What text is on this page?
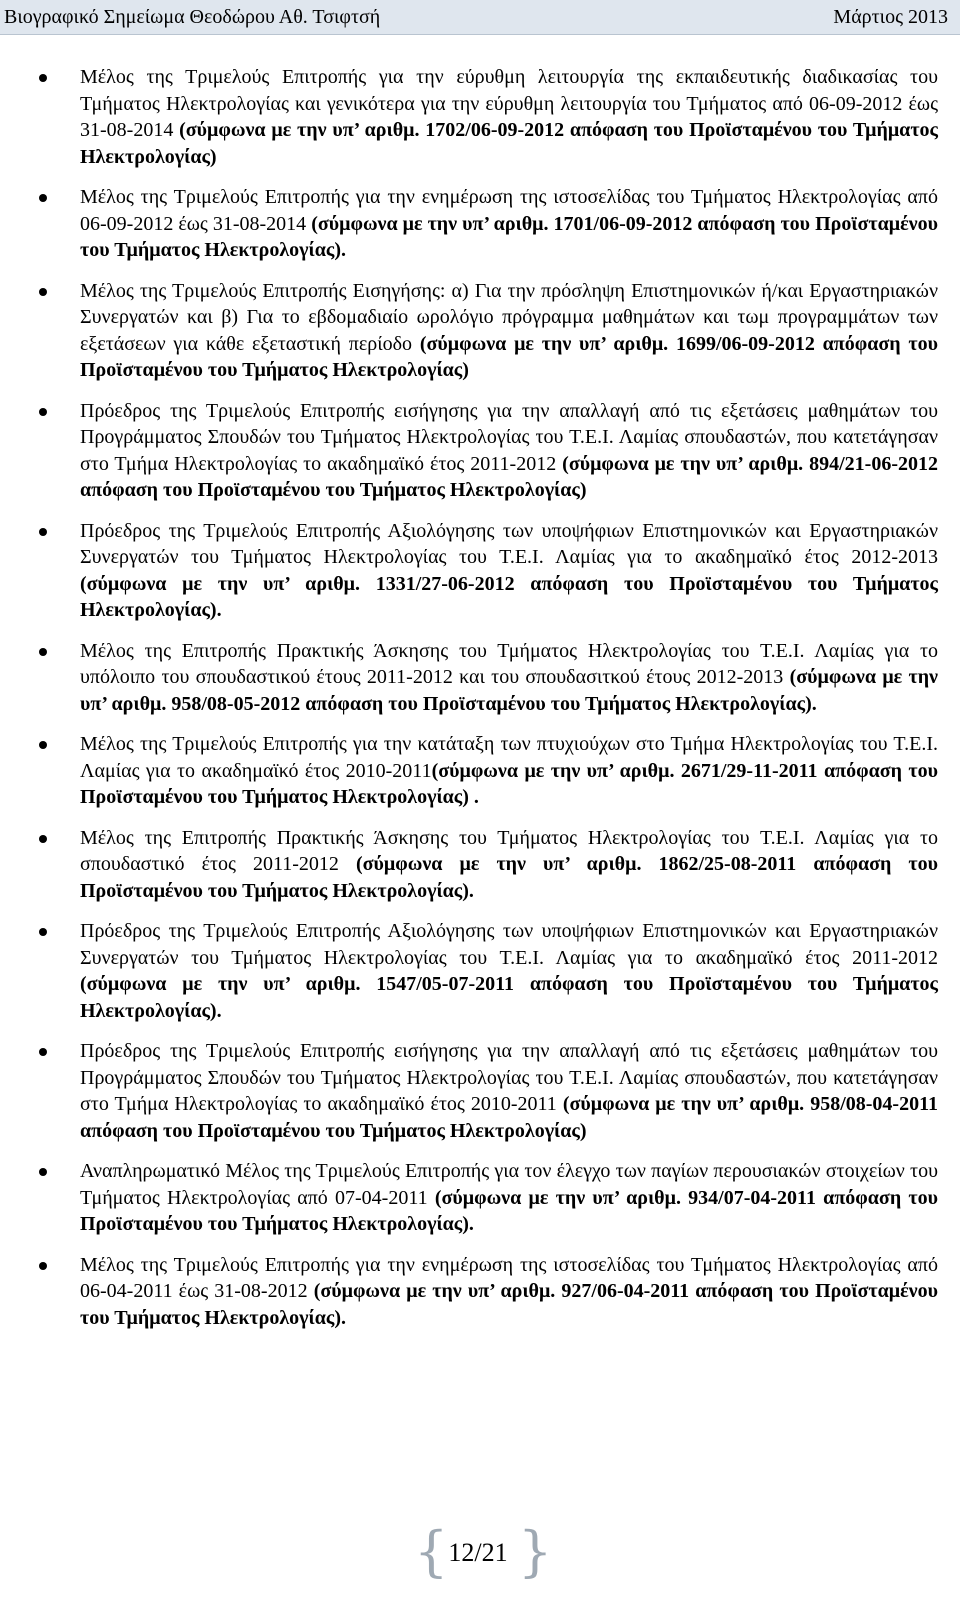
Βιογραφικό Σημείωμα Θεοδώρου Αθ. Τσιφτσή	Μάρτιος 2013
Μέλος της Τριμελούς Επιτροπής για την εύρυθμη λειτουργία της εκπαιδευτικής διαδικασίας του Τμήματος Ηλεκτρολογίας και γενικότερα για την εύρυθμη λειτουργία του Τμήματος από 06-09-2012 έως 31-08-2014 (σύμφωνα με την υπ’ αριθμ. 1702/06-09-2012 απόφαση του Προϊσταμένου του Τμήματος Ηλεκτρολογίας)
Μέλος της Τριμελούς Επιτροπής για την ενημέρωση της ιστοσελίδας του Τμήματος Ηλεκτρολογίας από 06-09-2012 έως 31-08-2014 (σύμφωνα με την υπ’ αριθμ. 1701/06-09-2012 απόφαση του Προϊσταμένου του Τμήματος Ηλεκτρολογίας).
Μέλος της Τριμελούς Επιτροπής Εισηγήσης: α) Για την πρόσληψη Επιστημονικών ή/και Εργαστηριακών Συνεργατών και β) Για το εβδομαδιαίο ωρολόγιο πρόγραμμα μαθημάτων και τωμ προγραμμάτων των εξετάσεων για κάθε εξεταστική περίοδο (σύμφωνα με την υπ’ αριθμ. 1699/06-09-2012 απόφαση του Προϊσταμένου του Τμήματος Ηλεκτρολογίας)
Πρόεδρος της Τριμελούς Επιτροπής εισήγησης για την απαλλαγή από τις εξετάσεις μαθημάτων του Προγράμματος Σπουδών του Τμήματος Ηλεκτρολογίας του Τ.Ε.Ι. Λαμίας σπουδαστών, που κατετάγησαν στο Τμήμα Ηλεκτρολογίας το ακαδημαϊκό έτος 2011-2012 (σύμφωνα με την υπ’ αριθμ. 894/21-06-2012 απόφαση του Προϊσταμένου του Τμήματος Ηλεκτρολογίας)
Πρόεδρος της Τριμελούς Επιτροπής Αξιολόγησης των υποψήφιων Επιστημονικών και Εργαστηριακών Συνεργατών του Τμήματος Ηλεκτρολογίας του Τ.Ε.Ι. Λαμίας για το ακαδημαϊκό έτος 2012-2013 (σύμφωνα με την υπ’ αριθμ. 1331/27-06-2012 απόφαση του Προϊσταμένου του Τμήματος Ηλεκτρολογίας).
Μέλος της Επιτροπής Πρακτικής Άσκησης του Τμήματος Ηλεκτρολογίας του Τ.Ε.Ι. Λαμίας για το υπόλοιπο του σπουδαστικού έτους 2011-2012 και του σπουδασιτκού έτους 2012-2013 (σύμφωνα με την υπ’ αριθμ. 958/08-05-2012 απόφαση του Προϊσταμένου του Τμήματος Ηλεκτρολογίας).
Μέλος της Τριμελούς Επιτροπής για την κατάταξη των πτυχιούχων στο Τμήμα Ηλεκτρολογίας του Τ.Ε.Ι. Λαμίας για το ακαδημαϊκό έτος 2010-2011(σύμφωνα με την υπ’ αριθμ. 2671/29-11-2011 απόφαση του Προϊσταμένου του Τμήματος Ηλεκτρολογίας) .
Μέλος της Επιτροπής Πρακτικής Άσκησης του Τμήματος Ηλεκτρολογίας του Τ.Ε.Ι. Λαμίας για το σπουδαστικό έτος 2011-2012 (σύμφωνα με την υπ’ αριθμ. 1862/25-08-2011 απόφαση του Προϊσταμένου του Τμήματος Ηλεκτρολογίας).
Πρόεδρος της Τριμελούς Επιτροπής Αξιολόγησης των υποψήφιων Επιστημονικών και Εργαστηριακών Συνεργατών του Τμήματος Ηλεκτρολογίας του Τ.Ε.Ι. Λαμίας για το ακαδημαϊκό έτος 2011-2012 (σύμφωνα με την υπ’ αριθμ. 1547/05-07-2011 απόφαση του Προϊσταμένου του Τμήματος Ηλεκτρολογίας).
Πρόεδρος της Τριμελούς Επιτροπής εισήγησης για την απαλλαγή από τις εξετάσεις μαθημάτων του Προγράμματος Σπουδών του Τμήματος Ηλεκτρολογίας του Τ.Ε.Ι. Λαμίας σπουδαστών, που κατετάγησαν στο Τμήμα Ηλεκτρολογίας το ακαδημαϊκό έτος 2010-2011 (σύμφωνα με την υπ’ αριθμ. 958/08-04-2011 απόφαση του Προϊσταμένου του Τμήματος Ηλεκτρολογίας)
Αναπληρωματικό Μέλος της Τριμελούς Επιτροπής για τον έλεγχο των παγίων περουσιακών στοιχείων του Τμήματος Ηλεκτρολογίας από 07-04-2011 (σύμφωνα με την υπ’ αριθμ. 934/07-04-2011 απόφαση του Προϊσταμένου του Τμήματος Ηλεκτρολογίας).
Μέλος της Τριμελούς Επιτροπής για την ενημέρωση της ιστοσελίδας του Τμήματος Ηλεκτρολογίας από 06-04-2011 έως 31-08-2012 (σύμφωνα με την υπ’ αριθμ. 927/06-04-2011 απόφαση του Προϊσταμένου του Τμήματος Ηλεκτρολογίας).
{ 12/21 }
